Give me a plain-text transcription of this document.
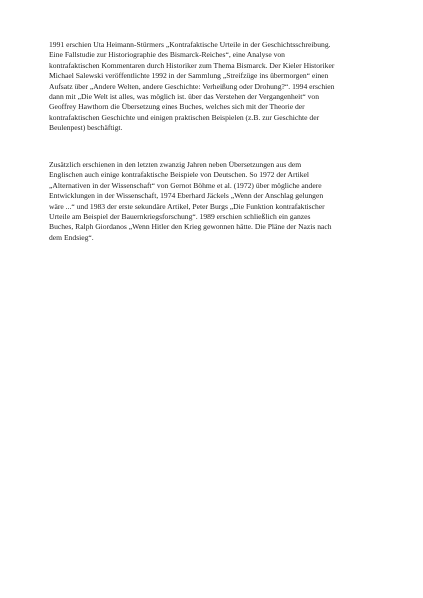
1991 erschien Uta Heimann-Stürmers „Kontrafaktische Urteile in der Geschichtsschreibung.
Eine Fallstudie zur Historiographie des Bismarck-Reiches“, eine Analyse von
kontrafaktischen Kommentaren durch Historiker zum Thema Bismarck. Der Kieler Historiker
Michael Salewski veröffentlichte 1992 in der Sammlung „Streifzüge ins übermorgen“ einen
Aufsatz über „Andere Welten, andere Geschichte: Verheißung oder Drohung?“. 1994 erschien
dann mit „Die Welt ist alles, was möglich ist. über das Verstehen der Vergangenheit“ von
Geoffrey Hawthorn die Übersetzung eines Buches, welches sich mit der Theorie der
kontrafaktischen Geschichte und einigen praktischen Beispielen (z.B. zur Geschichte der
Beulenpest) beschäftigt.

Zusätzlich erschienen in den letzten zwanzig Jahren neben Übersetzungen aus dem
Englischen auch einige kontrafaktische Beispiele von Deutschen. So 1972 der Artikel
„Alternativen in der Wissenschaft“ von Gernot Böhme et al. (1972) über mögliche andere
Entwicklungen in der Wissenschaft, 1974 Eberhard Jäckels „Wenn der Anschlag gelungen
wäre ...“ und 1983 der erste sekundäre Artikel, Peter Burgs „Die Funktion kontrafaktischer
Urteile am Beispiel der Bauernkriegsforschung“. 1989 erschien schließlich ein ganzes
Buches, Ralph Giordanos „Wenn Hitler den Krieg gewonnen hätte. Die Pläne der Nazis nach
dem Endsieg“.
